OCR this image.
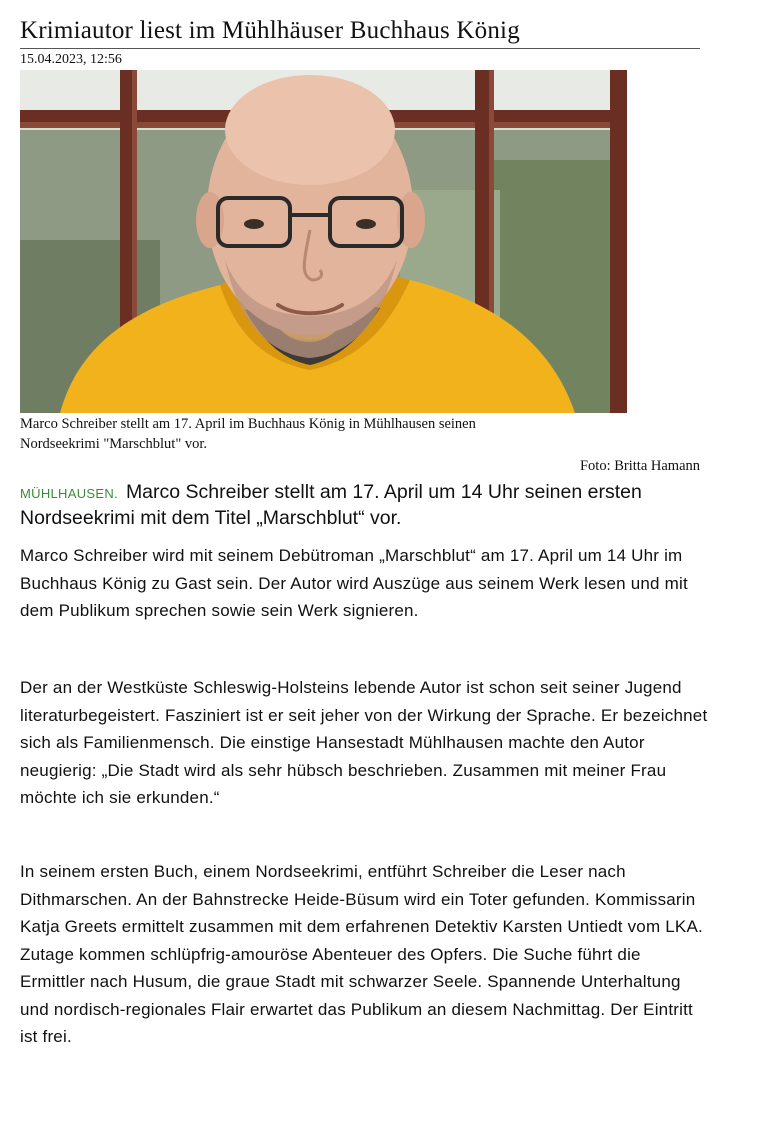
Krimiautor liest im Mühlhäuser Buchhaus König
15.04.2023, 12:56
Marco Schreiber stellt am 17. April im Buchhaus König in Mühlhausen seinen
Nordseekrimi "Marschblut" vor.
Foto: Britta Hamann
MÜHLHAUSEN. Marco Schreiber stellt am 17. April um 14 Uhr seinen ersten Nordseekrimi mit dem Titel „Marschblut“ vor.

Marco Schreiber wird mit seinem Debütroman „Marschblut“ am 17. April um 14 Uhr im Buchhaus König zu Gast sein. Der Autor wird Auszüge aus seinem Werk lesen und mit dem Publikum sprechen sowie sein Werk signieren.

Der an der Westküste Schleswig-Holsteins lebende Autor ist schon seit seiner Jugend literaturbegeistert. Fasziniert ist er seit jeher von der Wirkung der Sprache. Er bezeichnet sich als Familienmensch. Die einstige Hansestadt Mühlhausen machte den Autor neugierig: „Die Stadt wird als sehr hübsch beschrieben. Zusammen mit meiner Frau möchte ich sie erkunden.“

In seinem ersten Buch, einem Nordseekrimi, entführt Schreiber die Leser nach Dithmarschen. An der Bahnstrecke Heide-Büsum wird ein Toter gefunden. Kommissarin Katja Greets ermittelt zusammen mit dem erfahrenen Detektiv Karsten Untiedt vom LKA. Zutage kommen schlüpfrig-amouröse Abenteuer des Opfers. Die Suche führt die Ermittler nach Husum, die graue Stadt mit schwarzer Seele. Spannende Unterhaltung und nordisch-regionales Flair erwartet das Publikum an diesem Nachmittag. Der Eintritt ist frei.
